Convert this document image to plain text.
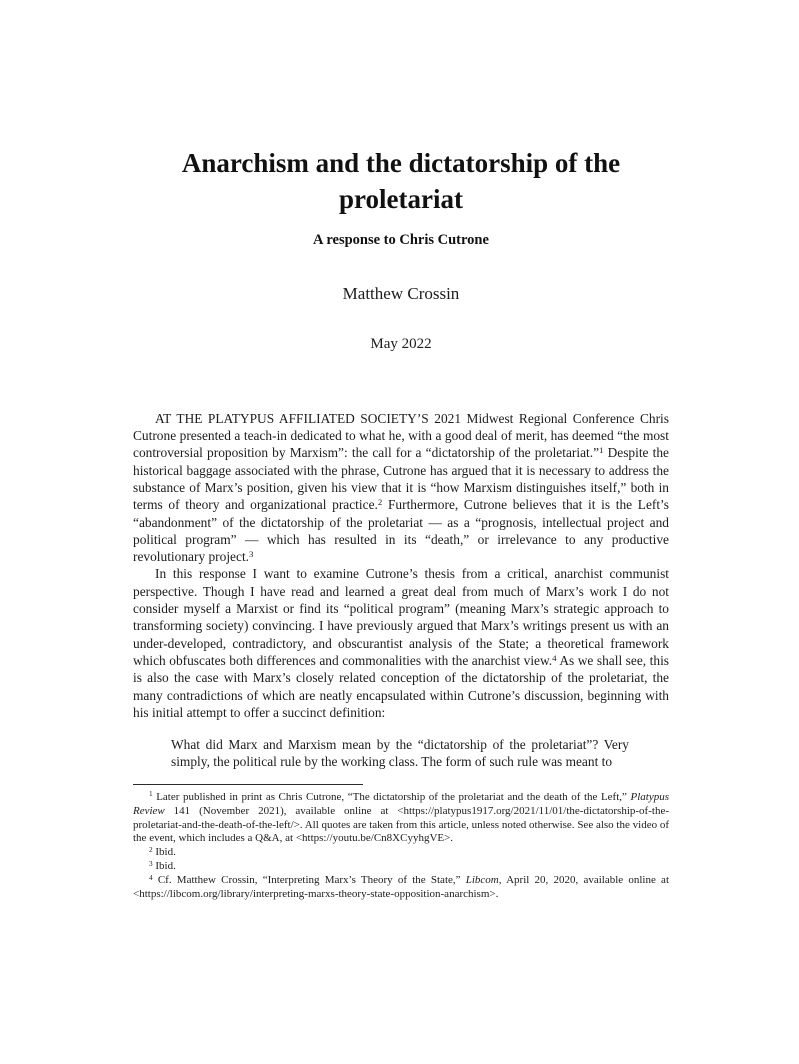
Anarchism and the dictatorship of the proletariat
A response to Chris Cutrone
Matthew Crossin
May 2022

AT THE PLATYPUS AFFILIATED SOCIETY’S 2021 Midwest Regional Conference Chris Cutrone presented a teach-in dedicated to what he, with a good deal of merit, has deemed “the most controversial proposition by Marxism”: the call for a “dictatorship of the proletariat.”$^1$ Despite the historical baggage associated with the phrase, Cutrone has argued that it is necessary to address the substance of Marx’s position, given his view that it is “how Marxism distinguishes itself,” both in terms of theory and organizational practice.$^2$ Furthermore, Cutrone believes that it is the Left’s “abandonment” of the dictatorship of the proletariat — as a “prognosis, intellectual project and political program” — which has resulted in its “death,” or irrelevance to any productive revolutionary project.$^3$

In this response I want to examine Cutrone’s thesis from a critical, anarchist communist perspective. Though I have read and learned a great deal from much of Marx’s work I do not consider myself a Marxist or find its “political program” (meaning Marx’s strategic approach to transforming society) convincing. I have previously argued that Marx’s writings present us with an under-developed, contradictory, and obscurantist analysis of the State; a theoretical framework which obfuscates both differences and commonalities with the anarchist view.$^4$ As we shall see, this is also the case with Marx’s closely related conception of the dictatorship of the proletariat, the many contradictions of which are neatly encapsulated within Cutrone’s discussion, beginning with his initial attempt to offer a succinct definition:

What did Marx and Marxism mean by the “dictatorship of the proletariat”? Very simply, the political rule by the working class. The form of such rule was meant to

$^1$ Later published in print as Chris Cutrone, “The dictatorship of the proletariat and the death of the Left,” Platypus Review 141 (November 2021), available online at <https://platypus1917.org/2021/11/01/the-dictatorship-of-the-proletariat-and-the-death-of-the-left/>. All quotes are taken from this article, unless noted otherwise. See also the video of the event, which includes a Q&A, at <https://youtu.be/Cn8XCyyhgVE>.

$^2$ Ibid.

$^3$ Ibid.

$^4$ Cf. Matthew Crossin, “Interpreting Marx’s Theory of the State,” Libcom, April 20, 2020, available online at <https://libcom.org/library/interpreting-marxs-theory-state-opposition-anarchism>.
